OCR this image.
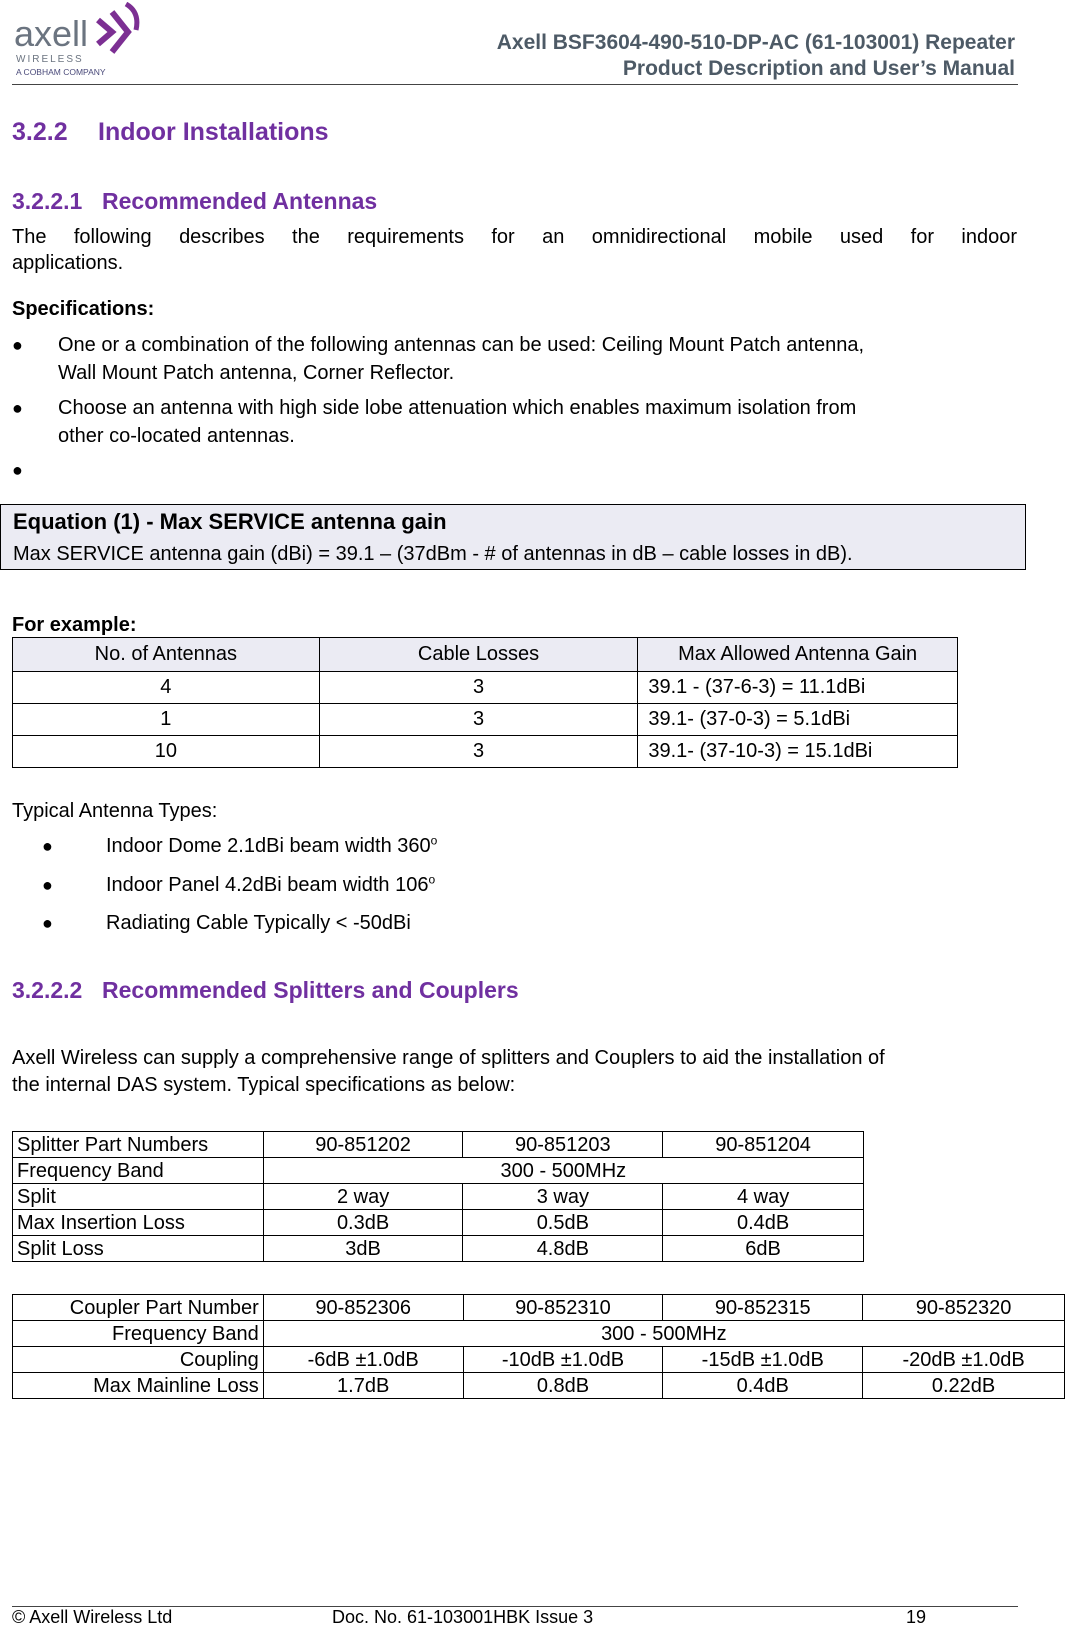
axell
WIRELESS
A COBHAM COMPANY
Axell BSF3604-490-510-DP-AC (61-103001) Repeater
Product Description and User’s Manual
3.2.2 Indoor Installations
3.2.2.1 Recommended Antennas
The following describes the requirements for an omnidirectional mobile used for indoor
applications.
Specifications:
●	One or a combination of the following antennas can be used: Ceiling Mount Patch antenna,
Wall Mount Patch antenna, Corner Reflector.
●	Choose an antenna with high side lobe attenuation which enables maximum isolation from
other co-located antennas.
●
Equation (1) - Max SERVICE antenna gain
Max SERVICE antenna gain (dBi) = 39.1 – (37dBm - # of antennas in dB – cable losses in dB).
For example:
No. of Antennas	Cable Losses	Max Allowed Antenna Gain
4	3	39.1 - (37-6-3) = 11.1dBi
1	3	39.1- (37-0-3) = 5.1dBi
10	3	39.1- (37-10-3) = 15.1dBi
Typical Antenna Types:
●	Indoor Dome 2.1dBi beam width 360$^o$
●	Indoor Panel 4.2dBi beam width 106$^o$
●	Radiating Cable Typically < -50dBi
3.2.2.2 Recommended Splitters and Couplers
Axell Wireless can supply a comprehensive range of splitters and Couplers to aid the installation of
the internal DAS system. Typical specifications as below:
Splitter Part Numbers	90-851202	90-851203	90-851204
Frequency Band	300 - 500MHz		
Split	2 way	3 way	4 way
Max Insertion Loss	0.3dB	0.5dB	0.4dB
Split Loss	3dB	4.8dB	6dB
Coupler Part Number	90-852306	90-852310	90-852315	90-852320
Frequency Band	300 - 500MHz			
Coupling	-6dB ±1.0dB	-10dB ±1.0dB	-15dB ±1.0dB	-20dB ±1.0dB
Max Mainline Loss	1.7dB	0.8dB	0.4dB	0.22dB
© Axell Wireless Ltd	Doc. No. 61-103001HBK Issue 3	19
